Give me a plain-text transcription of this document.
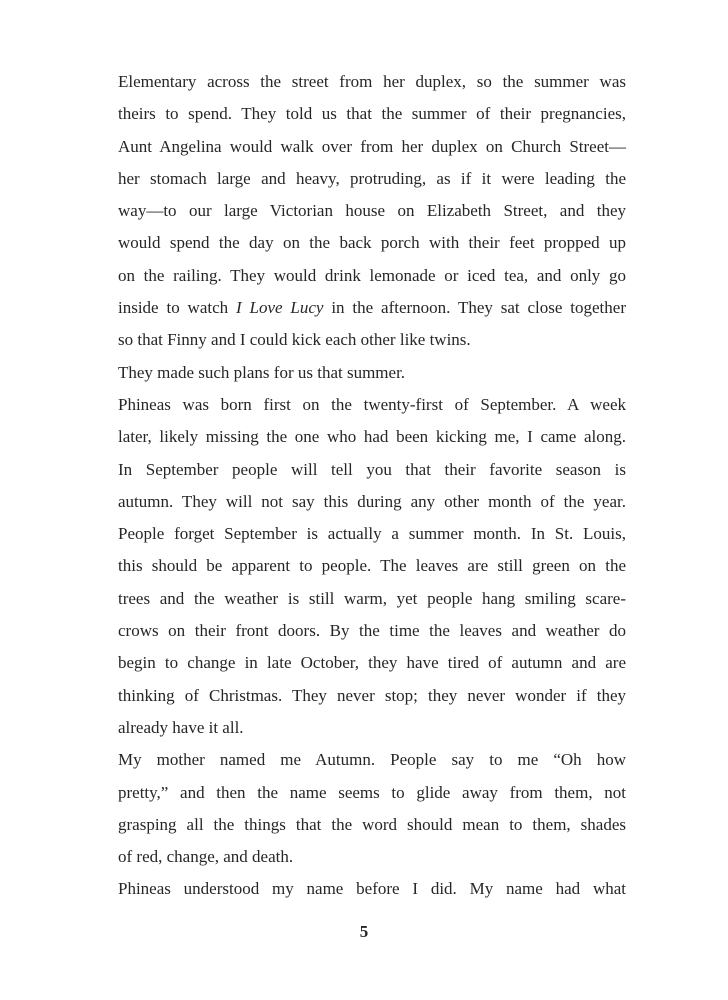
Elementary across the street from her duplex, so the summer was
theirs to spend. They told us that the summer of their pregnancies,
Aunt Angelina would walk over from her duplex on Church Street—
her stomach large and heavy, protruding, as if it were leading the
way—to our large Victorian house on Elizabeth Street, and they
would spend the day on the back porch with their feet propped up
on the railing. They would drink lemonade or iced tea, and only go
inside to watch I Love Lucy in the afternoon. They sat close together
so that Finny and I could kick each other like twins.
They made such plans for us that summer.
Phineas was born first on the twenty-first of September. A week
later, likely missing the one who had been kicking me, I came along.
In September people will tell you that their favorite season is
autumn. They will not say this during any other month of the year.
People forget September is actually a summer month. In St. Louis,
this should be apparent to people. The leaves are still green on the
trees and the weather is still warm, yet people hang smiling scare-
crows on their front doors. By the time the leaves and weather do
begin to change in late October, they have tired of autumn and are
thinking of Christmas. They never stop; they never wonder if they
already have it all.
My mother named me Autumn. People say to me “Oh how
pretty,” and then the name seems to glide away from them, not
grasping all the things that the word should mean to them, shades
of red, change, and death.
Phineas understood my name before I did. My name had what
5
